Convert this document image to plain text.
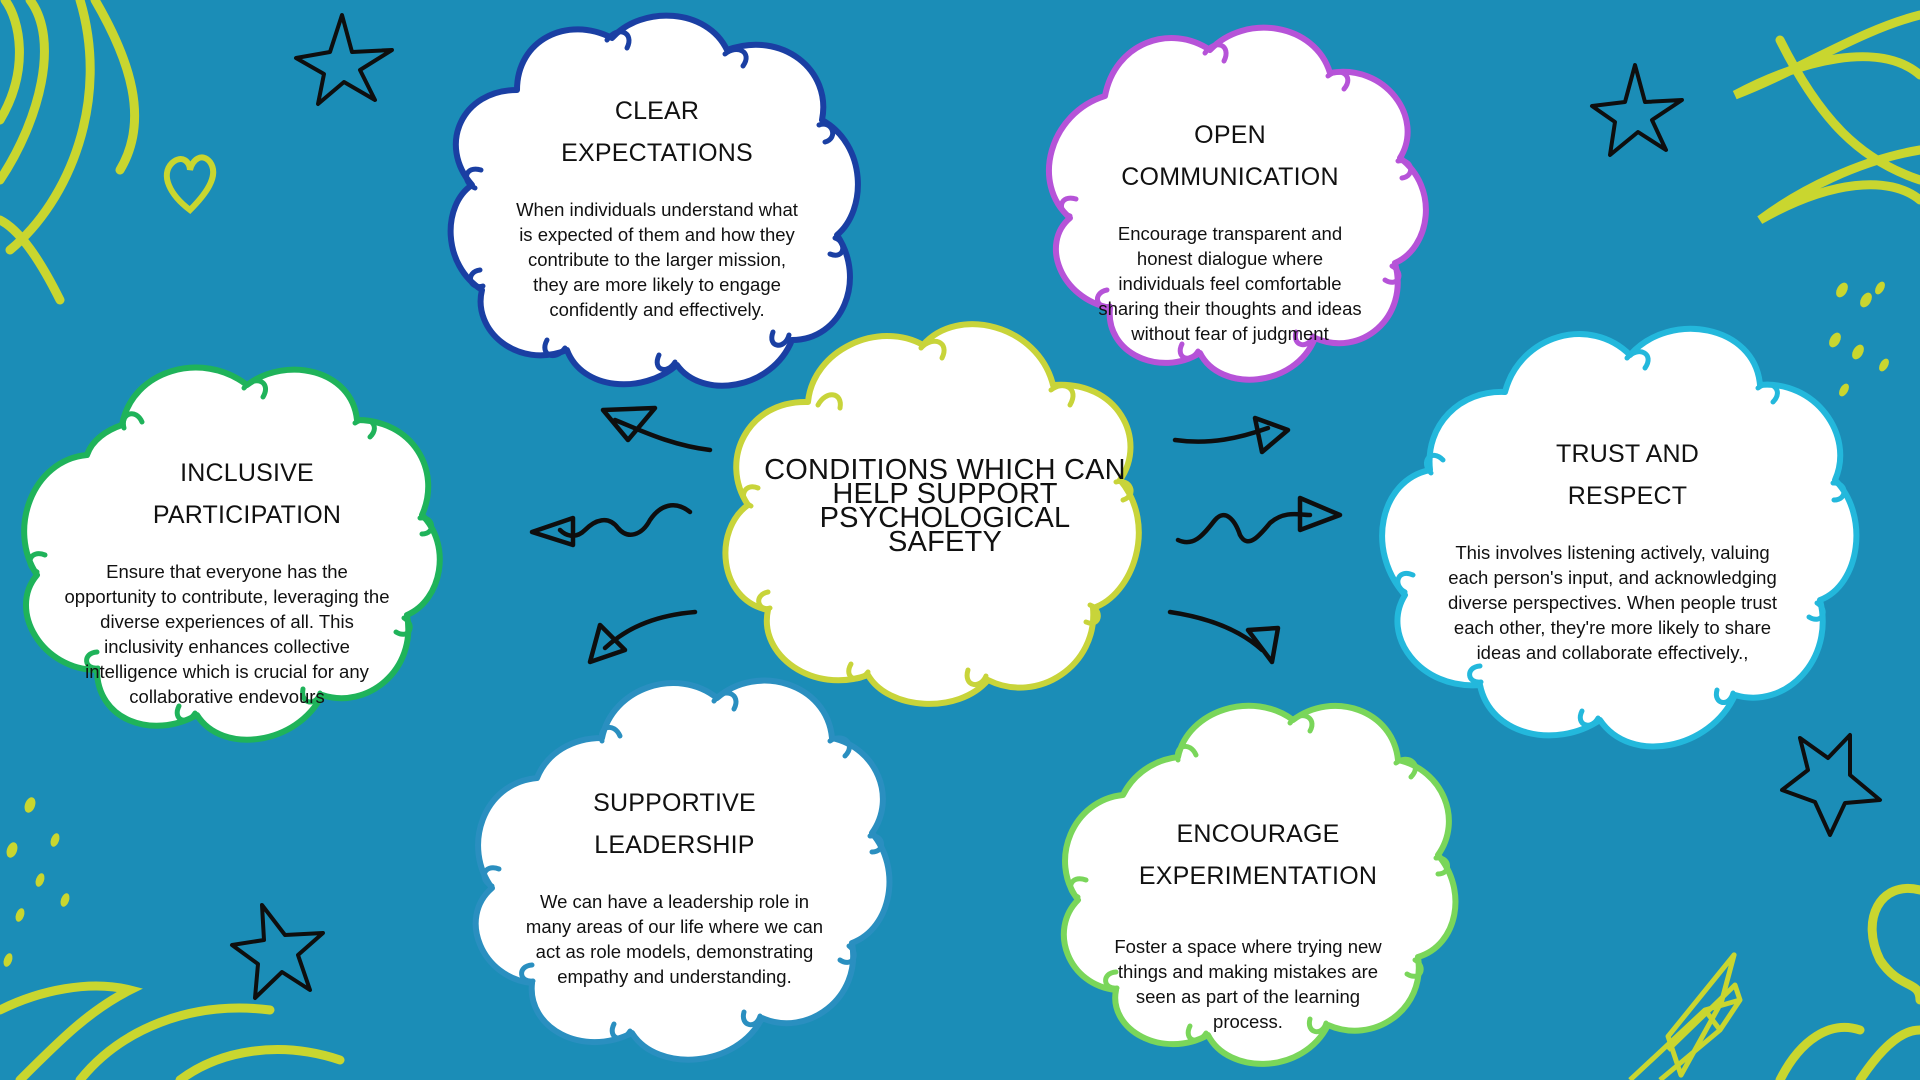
CONDITIONS WHICH CAN HELP SUPPORT PSYCHOLOGICAL SAFETY

CLEAR

EXPECTATIONS

When individuals understand what is expected of them and how they contribute to the larger mission, they are more likely to engage confidently and effectively.

OPEN

COMMUNICATION

Encourage transparent and honest dialogue where individuals feel comfortable sharing their thoughts and ideas without fear of judgment

INCLUSIVE

PARTICIPATION

Ensure that everyone has the opportunity to contribute, leveraging the diverse experiences of all. This inclusivity enhances collective intelligence which is crucial for any collaborative endevours

TRUST AND

RESPECT

This involves listening actively, valuing each person's input, and acknowledging diverse perspectives. When people trust each other, they're more likely to share ideas and collaborate effectively.,

SUPPORTIVE

LEADERSHIP

We can have a leadership role in many areas of our life where we can act as role models, demonstrating empathy and understanding.

ENCOURAGE

EXPERIMENTATION

Foster a space where trying new things and making mistakes are seen as part of the learning process.
